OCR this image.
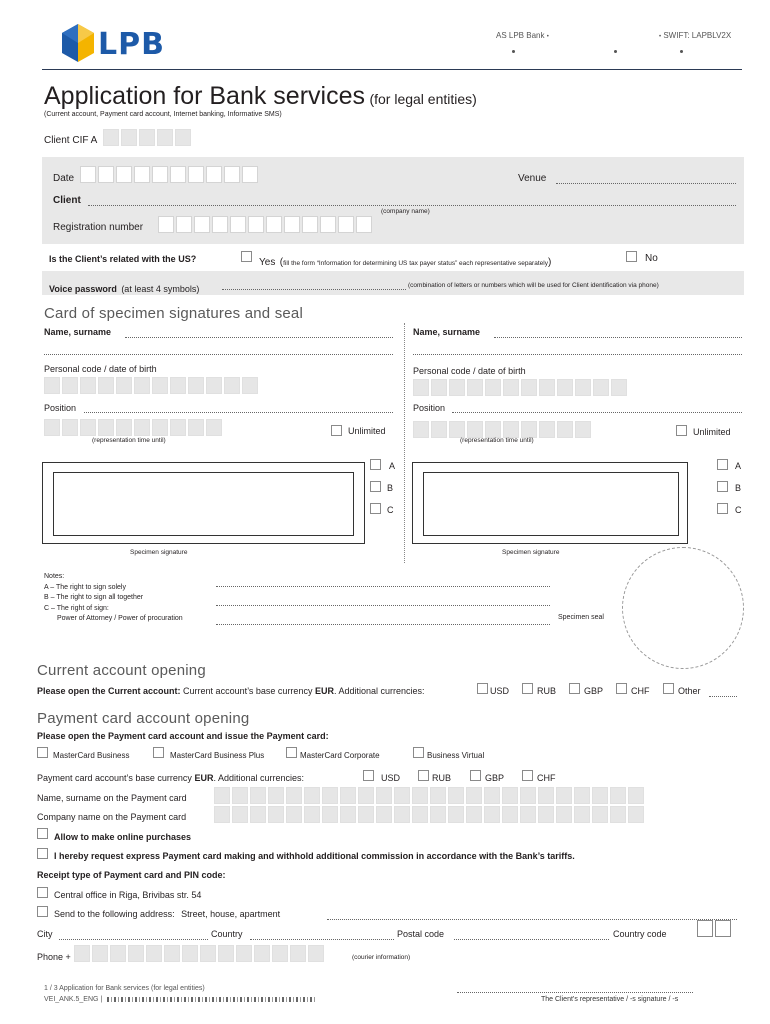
LPB	AS LPB Bank •	• SWIFT: LAPBLV2X
Application for Bank services (for legal entities)
(Current account, Payment card account, Internet banking, Informative SMS)
Client CIF A
Date	Venue
Client
(company name)
Registration number
Is the Client’s related with the US?	Yes (fill the form “Information for determining US tax payer status” each representative separately)	No
Voice password (at least 4 symbols)	(combination of letters or numbers which will be used for Client identification via phone)
Card of specimen signatures and seal
Name, surname
Personal code / date of birth
Position
(representation time until)
Unlimited
Specimen signature
A
B
C
Name, surname
Personal code / date of birth
Position
(representation time until)
Unlimited
Specimen signature
A
B
C
Notes:
A – The right to sign solely
B – The right to sign all together
C – The right of sign:
Power of Attorney / Power of procuration	Specimen seal
Current account opening
Please open the Current account: Current account’s base currency EUR. Additional currencies:	USD	RUB	GBP	CHF	Other
Payment card account opening
Please open the Payment card account and issue the Payment card:
MasterCard Business	MasterCard Business Plus	MasterCard Corporate	Business Virtual
Payment card account’s base currency EUR. Additional currencies:	USD	RUB	GBP	CHF
Name, surname on the Payment card
Company name on the Payment card
Allow to make online purchases
I hereby request express Payment card making and withhold additional commission in accordance with the Bank’s tariffs.
Receipt type of Payment card and PIN code:
Central office in Riga, Brivibas str. 54
Send to the following address: Street, house, apartment
City	Country	Postal code	Country code
Phone +	(courier information)
1 / 3 Application for Bank services (for legal entities)
VEI_ANK.5_ENG |	The Client’s representative / -s signature / -s
